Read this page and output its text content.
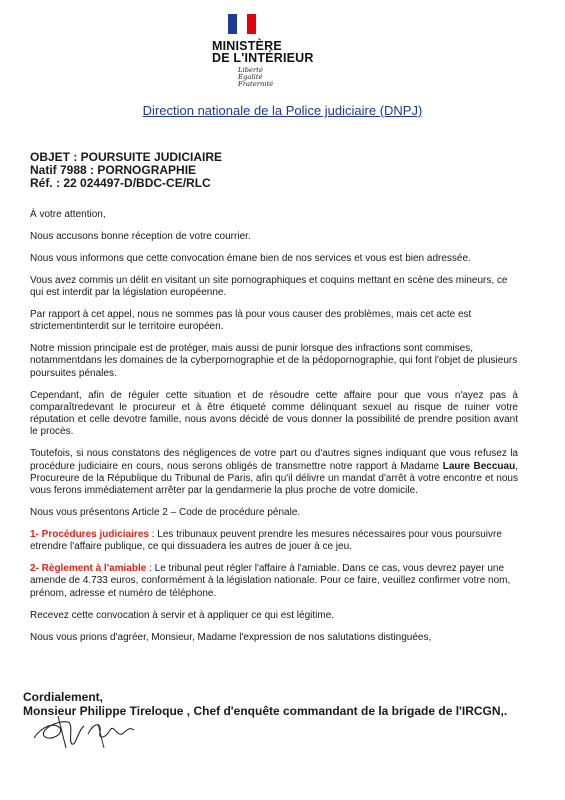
MINISTÈRE
DE L'INTÉRIEUR
Liberté
Égalité
Fraternité
Direction nationale de la Police judiciaire (DNPJ)
OBJET : POURSUITE JUDICIAIRE
Natif 7988 : PORNOGRAPHIE
Réf. : 22 024497-D/BDC-CE/RLC

À votre attention,

Nous accusons bonne réception de votre courrier.

Nous vous informons que cette convocation émane bien de nos services et vous est bien adressée.

Vous avez commis un délit en visitant un site pornographiques et coquins mettant en scène des mineurs, ce qui est interdit par la législation européenne.

Par rapport à cet appel, nous ne sommes pas là pour vous causer des problèmes, mais cet acte est strictementinterdit sur le territoire européen.

Notre mission principale est de protéger, mais aussi de punir lorsque des infractions sont commises, notammentdans les domaines de la cyberpornographie et de la pédopornographie, qui font l'objet de plusieurs poursuites pénales.

Cependant, afin de réguler cette situation et de résoudre cette affaire pour que vous n'ayez pas à comparaîtredevant le procureur et à être étiqueté comme délinquant sexuel au risque de ruiner votre réputation et celle devotre famille, nous avons décidé de vous donner la possibilité de prendre position avant le procès.

Toutefois, si nous constatons des négligences de votre part ou d'autres signes indiquant que vous refusez la procédure judiciaire en cours, nous serons obligés de transmettre notre rapport à Madame Laure Beccuau, Procureure de la République du Tribunal de Paris, afin qu'il délivre un mandat d'arrêt à votre encontre et nous vous ferons immédiatement arrêter par la gendarmerie la plus proche de votre domicile.

Nous vous présentons Article 2 – Code de procédure pénale.

1- Procédures judiciaires : Les tribunaux peuvent prendre les mesures nécessaires pour vous poursuivre etrendre l'affaire publique, ce qui dissuadera les autres de jouer à ce jeu.

2- Règlement à l'amiable : Le tribunal peut régler l'affaire à l'amiable. Dans ce cas, vous devrez payer une amende de 4.733 euros, conformément à la législation nationale. Pour ce faire, veuillez confirmer votre nom, prénom, adresse et numéro de téléphone.

Recevez cette convocation à servir et à appliquer ce qui est légitime.

Nous vous prions d'agréer, Monsieur, Madame l'expression de nos salutations distinguées,

Cordialement,
Monsieur Philippe Tireloque , Chef d'enquête commandant de la brigade de l'IRCGN,.
